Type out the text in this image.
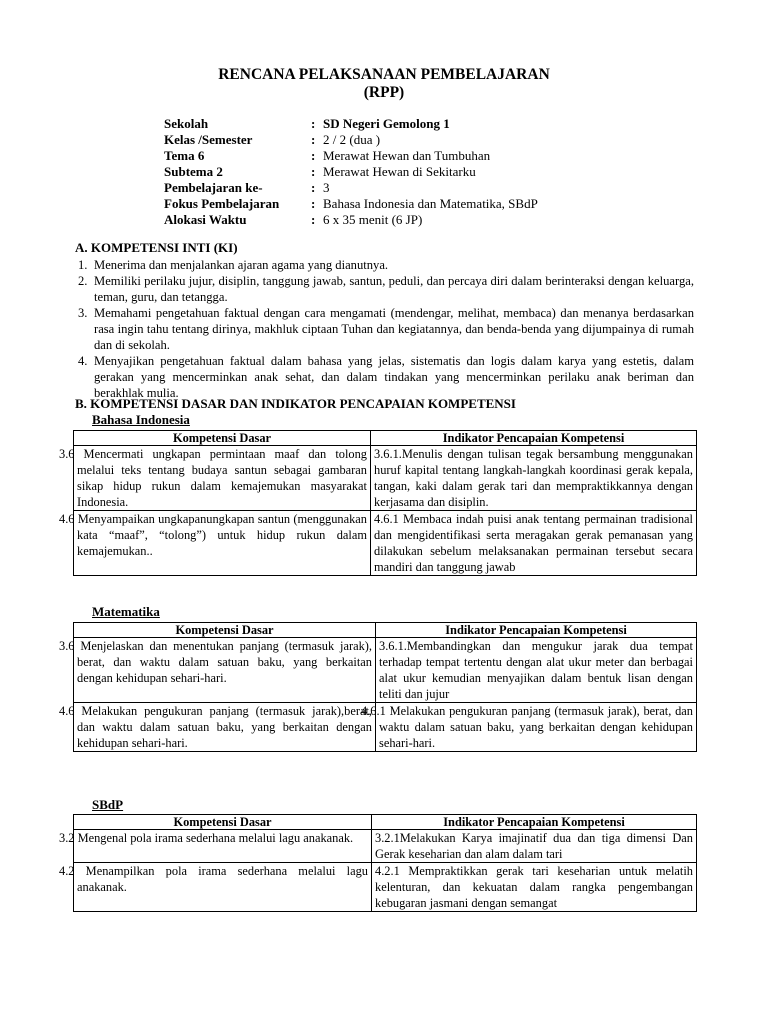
RENCANA PELAKSANAAN PEMBELAJARAN
(RPP)
Sekolah	: SD Negeri Gemolong 1
Kelas /Semester	: 2 / 2 (dua )
Tema 6	: Merawat Hewan dan Tumbuhan
Subtema 2	: Merawat Hewan di Sekitarku
Pembelajaran ke-	: 3
Fokus Pembelajaran	: Bahasa Indonesia dan Matematika, SBdP
Alokasi Waktu	: 6 x 35 menit (6 JP)
A. KOMPETENSI INTI (KI)
1. Menerima dan menjalankan ajaran agama yang dianutnya.
2. Memiliki perilaku jujur, disiplin, tanggung jawab, santun, peduli, dan percaya diri dalam berinteraksi dengan keluarga, teman, guru, dan tetangga.
3. Memahami pengetahuan faktual dengan cara mengamati (mendengar, melihat, membaca) dan menanya berdasarkan rasa ingin tahu tentang dirinya, makhluk ciptaan Tuhan dan kegiatannya, dan benda-benda yang dijumpainya di rumah dan di sekolah.
4. Menyajikan pengetahuan faktual dalam bahasa yang jelas, sistematis dan logis dalam karya yang estetis, dalam gerakan yang mencerminkan anak sehat, dan dalam tindakan yang mencerminkan perilaku anak beriman dan berakhlak mulia.
B. KOMPETENSI DASAR DAN INDIKATOR PENCAPAIAN KOMPETENSI
Bahasa Indonesia
Kompetensi Dasar	Indikator Pencapaian Kompetensi
3.6 Mencermati ungkapan permintaan maaf dan tolong melalui teks tentang budaya santun sebagai gambaran sikap hidup rukun dalam kemajemukan masyarakat Indonesia.	3.6.1.Menulis dengan tulisan tegak bersambung menggunakan huruf kapital tentang langkah-langkah koordinasi gerak kepala, tangan, kaki dalam gerak tari dan mempraktikkannya dengan kerjasama dan disiplin.
4.6 Menyampaikan ungkapanungkapan santun (menggunakan kata “maaf”, “tolong”) untuk hidup rukun dalam kemajemukan..	4.6.1 Membaca indah puisi anak tentang permainan tradisional dan mengidentifikasi serta meragakan gerak pemanasan yang dilakukan sebelum melaksanakan permainan tersebut secara mandiri dan tanggung jawab
Matematika
Kompetensi Dasar	Indikator Pencapaian Kompetensi
3.6 Menjelaskan dan menentukan panjang (termasuk jarak), berat, dan waktu dalam satuan baku, yang berkaitan dengan kehidupan sehari-hari.	3.6.1.Membandingkan dan mengukur jarak dua tempat terhadap tempat tertentu dengan alat ukur meter dan berbagai alat ukur kemudian menyajikan dalam bentuk lisan dengan teliti dan jujur
4.6 Melakukan pengukuran panjang (termasuk jarak),berat, dan waktu dalam satuan baku, yang berkaitan dengan kehidupan sehari-hari.	4.6.1 Melakukan pengukuran panjang (termasuk jarak), berat, dan waktu dalam satuan baku, yang berkaitan dengan kehidupan sehari-hari.
SBdP
Kompetensi Dasar	Indikator Pencapaian Kompetensi
3.2 Mengenal pola irama sederhana melalui lagu anakanak.	3.2.1Melakukan Karya imajinatif dua dan tiga dimensi Dan Gerak keseharian dan alam dalam tari
4.2 Menampilkan pola irama sederhana melalui lagu anakanak.	4.2.1 Mempraktikkan gerak tari keseharian untuk melatih kelenturan, dan kekuatan dalam rangka pengembangan kebugaran jasmani dengan semangat
